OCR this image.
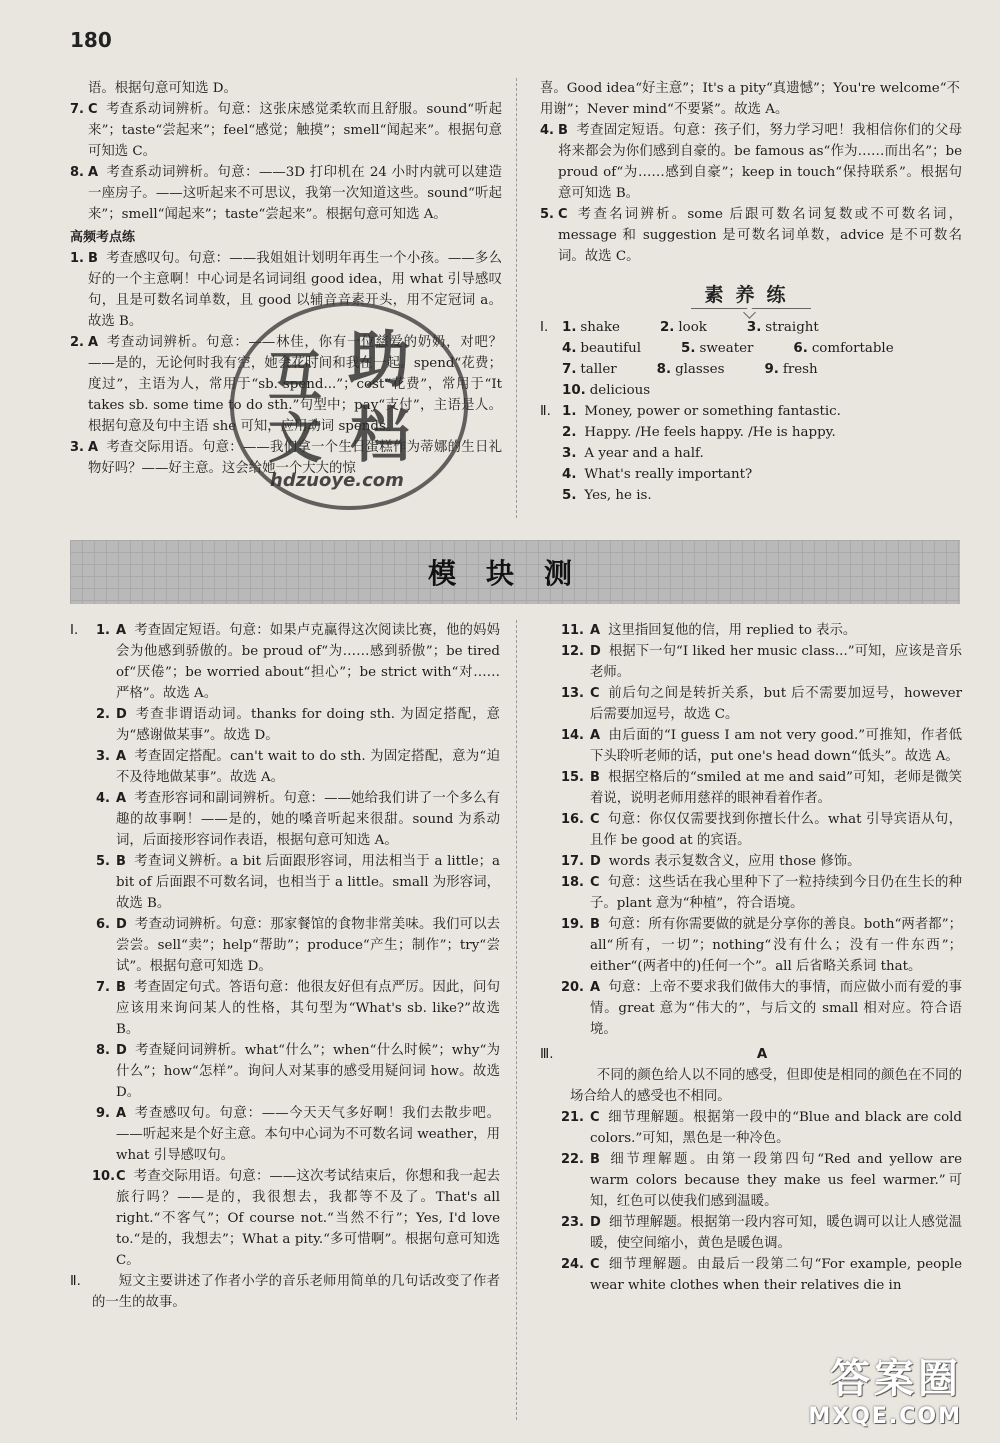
180

语。根据句意可知选 D。

7. C 考查系动词辨析。句意：这张床感觉柔软而且舒服。sound“听起来”；taste“尝起来”；feel“感觉；触摸”；smell“闻起来”。根据句意可知选 C。
8. A 考查系动词辨析。句意：——3D 打印机在 24 小时内就可以建造一座房子。——这听起来不可思议，我第一次知道这些。sound“听起来”；smell“闻起来”；taste“尝起来”。根据句意可知选 A。

高频考点练

1. B 考查感叹句。句意：——我姐姐计划明年再生一个小孩。——多么好的一个主意啊！中心词是名词词组 good idea，用 what 引导感叹句，且是可数名词单数，且 good 以辅音音素开头，用不定冠词 a。故选 B。
2. A 考查动词辨析。句意：——林佳，你有一位慈爱的奶奶，对吧？——是的，无论何时我有空，她会花时间和我在一起。spend“花费；度过”，主语为人，常用于“sb. spend...”；cost“花费”，常用于“It takes sb. some time to do sth.”句型中；pay“支付”，主语是人。根据句意及句中主语 she 可知，应用动词 spends。
3. A 考查交际用语。句意：——我们拿一个生日蛋糕作为蒂娜的生日礼物好吗？——好主意。这会给她一个大大的惊

喜。Good idea“好主意”；It's a pity“真遗憾”；You're welcome“不用谢”；Never mind“不要紧”。故选 A。

4. B 考查固定短语。句意：孩子们，努力学习吧！我相信你们的父母将来都会为你们感到自豪的。be famous as“作为……而出名”；be proud of“为……感到自豪”；keep in touch“保持联系”。根据句意可知选 B。
5. C 考查名词辨析。some 后跟可数名词复数或不可数名词，message 和 suggestion 是可数名词单数，advice 是不可数名词。故选 C。
素养练
Ⅰ.	1. shake	2. look	3. straight
4. beautiful	5. sweater	6. comfortable
7. taller	8. glasses	9. fresh
10. delicious
Ⅱ. 1. Money, power or something fantastic.
2. Happy. /He feels happy. /He is happy.
3. A year and a half.
4. What's really important?
5. Yes, he is.
互 助
文 档
hdzuoye.com
模块测
Ⅰ.	1. A 考查固定短语。句意：如果卢克赢得这次阅读比赛，他的妈妈会为他感到骄傲的。be proud of“为……感到骄傲”；be tired of“厌倦”；be worried about“担心”；be strict with“对……严格”。故选 A。
2. D 考查非谓语动词。thanks for doing sth. 为固定搭配，意为“感谢做某事”。故选 D。
3. A 考查固定搭配。can't wait to do sth. 为固定搭配，意为“迫不及待地做某事”。故选 A。
4. A 考查形容词和副词辨析。句意：——她给我们讲了一个多么有趣的故事啊！——是的，她的嗓音听起来很甜。sound 为系动词，后面接形容词作表语，根据句意可知选 A。
5. B 考查词义辨析。a bit 后面跟形容词，用法相当于 a little；a bit of 后面跟不可数名词，也相当于 a little。small 为形容词，故选 B。
6. D 考查动词辨析。句意：那家餐馆的食物非常美味。我们可以去尝尝。sell“卖”；help“帮助”；produce“产生；制作”；try“尝试”。根据句意可知选 D。
7. B 考查固定句式。答语句意：他很友好但有点严厉。因此，问句应该用来询问某人的性格，其句型为“What's sb. like?”故选 B。
8. D 考查疑问词辨析。what“什么”；when“什么时候”；why“为什么”；how“怎样”。询问人对某事的感受用疑问词 how。故选 D。
9. A 考查感叹句。句意：——今天天气多好啊！我们去散步吧。——听起来是个好主意。本句中心词为不可数名词 weather，用 what 引导感叹句。
10. C 考查交际用语。句意：——这次考试结束后，你想和我一起去旅行吗？——是的，我很想去，我都等不及了。That's all right.“不客气”；Of course not.“当然不行”；Yes, I'd love to.“是的，我想去”；What a pity.“多可惜啊”。根据句意可知选 C。
Ⅱ.	短文主要讲述了作者小学的音乐老师用简单的几句话改变了作者的一生的故事。
11. A 这里指回复他的信，用 replied to 表示。
12. D 根据下一句“I liked her music class...”可知，应该是音乐老师。
13. C 前后句之间是转折关系，but 后不需要加逗号，however 后需要加逗号，故选 C。
14. A 由后面的“I guess I am not very good.”可推知，作者低下头聆听老师的话，put one's head down“低头”。故选 A。
15. B 根据空格后的“smiled at me and said”可知，老师是微笑着说，说明老师用慈祥的眼神看着作者。
16. C 句意：你仅仅需要找到你擅长什么。what 引导宾语从句，且作 be good at 的宾语。
17. D words 表示复数含义，应用 those 修饰。
18. C 句意：这些话在我心里种下了一粒持续到今日仍在生长的种子。plant 意为“种植”，符合语境。
19. B 句意：所有你需要做的就是分享你的善良。both“两者都”；all“所有，一切”；nothing“没有什么；没有一件东西”；either“(两者中的)任何一个”。all 后省略关系词 that。
20. A 句意：上帝不要求我们做伟大的事情，而应做小而有爱的事情。great 意为“伟大的”，与后文的 small 相对应。符合语境。
Ⅲ.	A

不同的颜色给人以不同的感受，但即使是相同的颜色在不同的场合给人的感受也不相同。

21. C 细节理解题。根据第一段中的“Blue and black are cold colors.”可知，黑色是一种冷色。
22. B 细节理解题。由第一段第四句“Red and yellow are warm colors because they make us feel warmer.”可知，红色可以使我们感到温暖。
23. D 细节理解题。根据第一段内容可知，暖色调可以让人感觉温暖，使空间缩小，黄色是暖色调。
24. C 细节理解题。由最后一段第二句“For example, people wear white clothes when their relatives die in
答案圈
MXQE.COM
